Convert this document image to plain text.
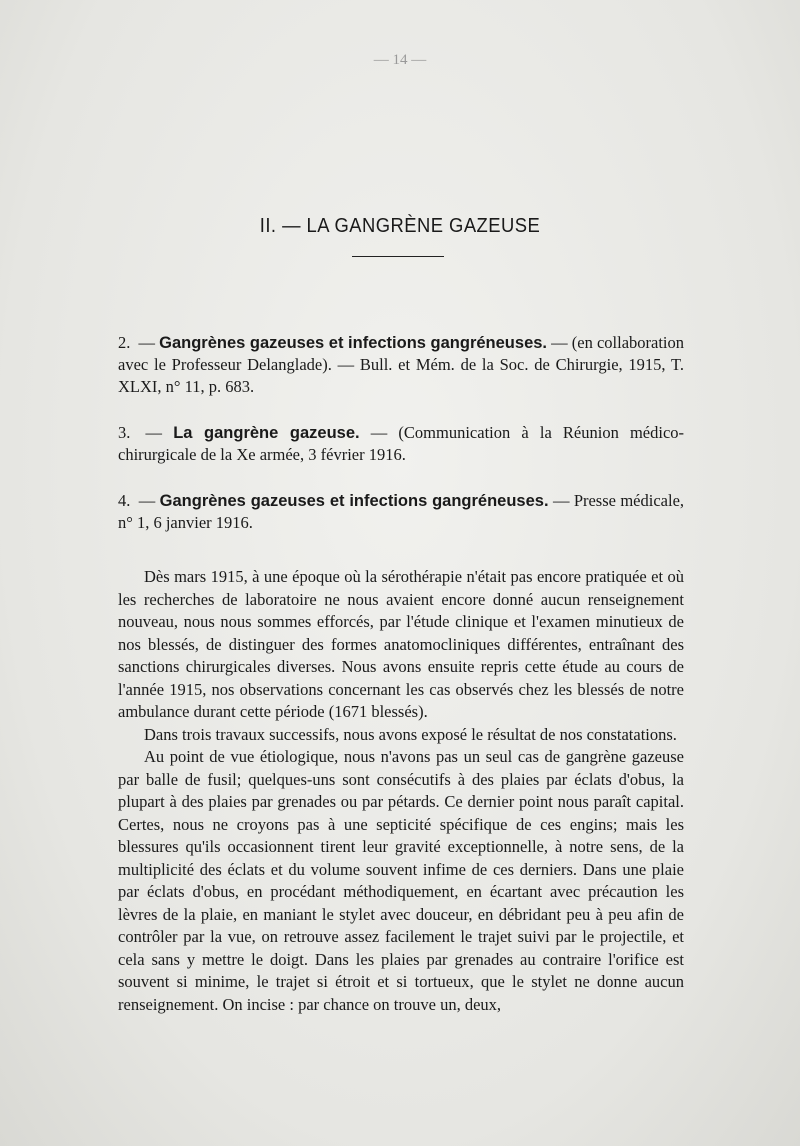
— 14 —
II. — LA GANGRÈNE GAZEUSE

2. — Gangrènes gazeuses et infections gangréneuses. — (en collaboration avec le Professeur Delanglade). — Bull. et Mém. de la Soc. de Chirurgie, 1915, T. XLXI, n° 11, p. 683.

3. — La gangrène gazeuse. — (Communication à la Réunion médico-chirurgicale de la Xe armée, 3 février 1916.

4. — Gangrènes gazeuses et infections gangréneuses. — Presse médicale, n° 1, 6 janvier 1916.

Dès mars 1915, à une époque où la sérothérapie n'était pas encore pratiquée et où les recherches de laboratoire ne nous avaient encore donné aucun renseignement nouveau, nous nous sommes efforcés, par l'étude clinique et l'examen minutieux de nos blessés, de distinguer des formes anatomocliniques différentes, entraînant des sanctions chirurgicales diverses. Nous avons ensuite repris cette étude au cours de l'année 1915, nos observations concernant les cas observés chez les blessés de notre ambulance durant cette période (1671 blessés).

Dans trois travaux successifs, nous avons exposé le résultat de nos constatations.

Au point de vue étiologique, nous n'avons pas un seul cas de gangrène gazeuse par balle de fusil; quelques-uns sont consécutifs à des plaies par éclats d'obus, la plupart à des plaies par grenades ou par pétards. Ce dernier point nous paraît capital. Certes, nous ne croyons pas à une septicité spécifique de ces engins; mais les blessures qu'ils occasionnent tirent leur gravité exceptionnelle, à notre sens, de la multiplicité des éclats et du volume souvent infime de ces derniers. Dans une plaie par éclats d'obus, en procédant méthodiquement, en écartant avec précaution les lèvres de la plaie, en maniant le stylet avec douceur, en débridant peu à peu afin de contrôler par la vue, on retrouve assez facilement le trajet suivi par le projectile, et cela sans y mettre le doigt. Dans les plaies par grenades au contraire l'orifice est souvent si minime, le trajet si étroit et si tortueux, que le stylet ne donne aucun renseignement. On incise : par chance on trouve un, deux,
